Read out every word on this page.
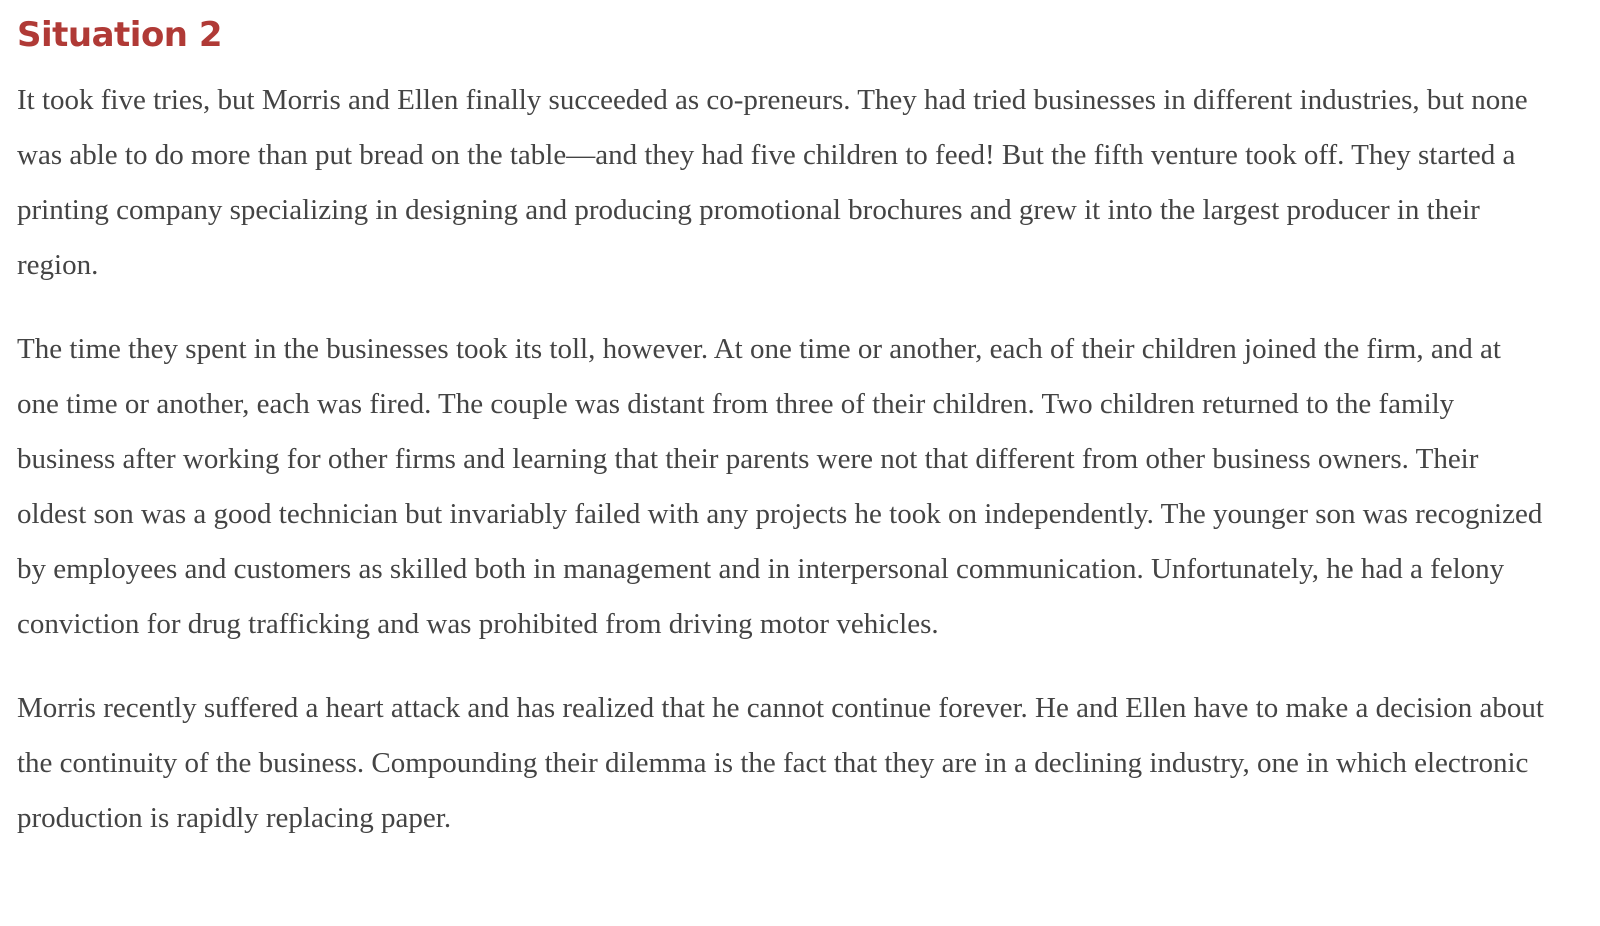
Situation 2

It took five tries, but Morris and Ellen finally succeeded as co-preneurs. They had tried businesses in different industries, but none was able to do more than put bread on the table—and they had five children to feed! But the fifth venture took off. They started a printing company specializing in designing and producing promotional brochures and grew it into the largest producer in their region.

The time they spent in the businesses took its toll, however. At one time or another, each of their children joined the firm, and at one time or another, each was fired. The couple was distant from three of their children. Two children returned to the family business after working for other firms and learning that their parents were not that different from other business owners. Their oldest son was a good technician but invariably failed with any projects he took on independently. The younger son was recognized by employees and customers as skilled both in management and in interpersonal communication. Unfortunately, he had a felony conviction for drug trafficking and was prohibited from driving motor vehicles.

Morris recently suffered a heart attack and has realized that he cannot continue forever. He and Ellen have to make a decision about the continuity of the business. Compounding their dilemma is the fact that they are in a declining industry, one in which electronic production is rapidly replacing paper.
